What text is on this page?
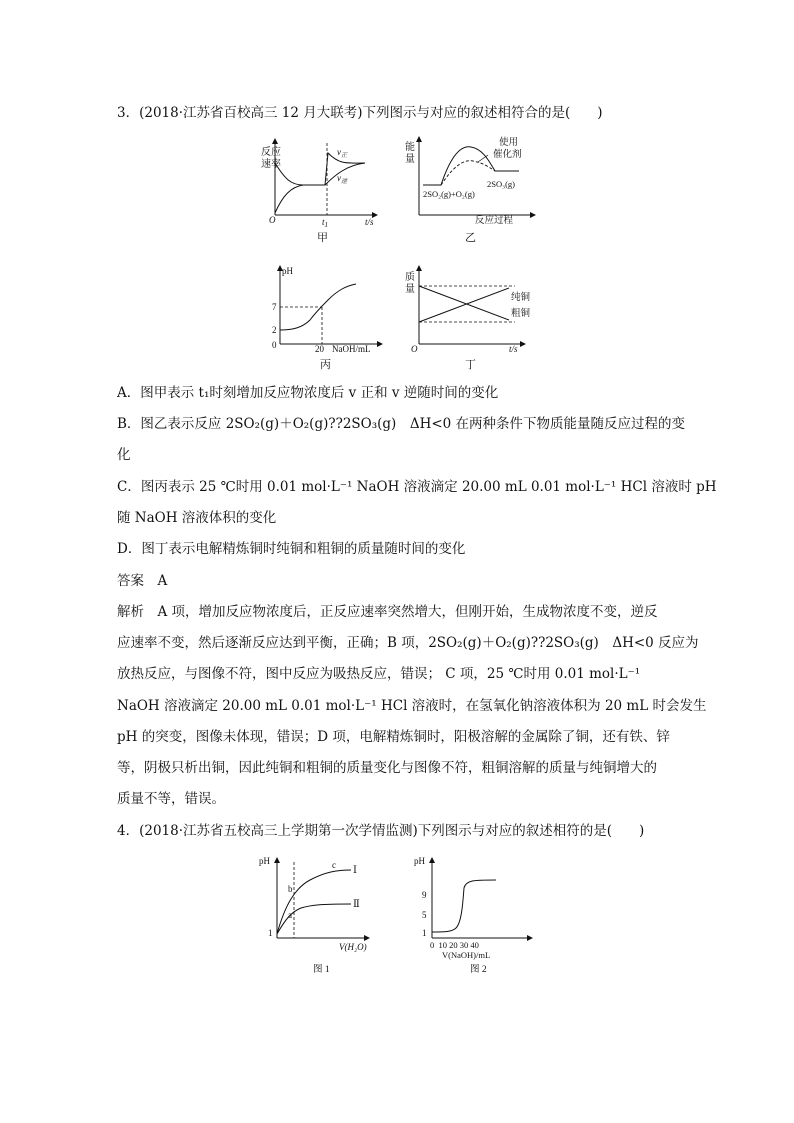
3．(2018·江苏省百校高三 12 月大联考)下列图示与对应的叙述相符合的是(　　)
反应
速率
O	$t_1$	t/s
$v_正$
$v_逆$
甲
能
量
使用
催化剂
2SO₂(g)+O₂(g)
2SO₃(g)
反应过程
乙
pH
7
2
0	20 NaOH/mL
丙
质
量
纯铜
粗铜
O	t/s
丁
A．图甲表示 t₁时刻增加反应物浓度后 v 正和 v 逆随时间的变化
B．图乙表示反应 2SO₂(g)＋O₂(g)??2SO₃(g)　ΔH<0 在两种条件下物质能量随反应过程的变
化
C．图丙表示 25 ℃时用 0.01 mol·L⁻¹ NaOH 溶液滴定 20.00 mL 0.01 mol·L⁻¹ HCl 溶液时 pH
随 NaOH 溶液体积的变化
D．图丁表示电解精炼铜时纯铜和粗铜的质量随时间的变化
答案　A
解析　A 项，增加反应物浓度后，正反应速率突然增大，但刚开始，生成物浓度不变，逆反
应速率不变，然后逐渐反应达到平衡，正确；B 项，2SO₂(g)＋O₂(g)??2SO₃(g)　ΔH<0 反应为
放热反应，与图像不符，图中反应为吸热反应，错误； C 项，25 ℃时用 0.01 mol·L⁻¹
NaOH 溶液滴定 20.00 mL 0.01 mol·L⁻¹ HCl 溶液时，在氢氧化钠溶液体积为 20 mL 时会发生
pH 的突变，图像未体现，错误；D 项，电解精炼铜时，阳极溶解的金属除了铜，还有铁、锌
等，阴极只析出铜，因此纯铜和粗铜的质量变化与图像不符，粗铜溶解的质量与纯铜增大的
质量不等，错误。
4．(2018·江苏省五校高三上学期第一次学情监测)下列图示与对应的叙述相符的是(　　)
pH
1
a
b
c Ⅰ
Ⅱ
V(H₂O)
图 1
pH
9
5
1
0  10 20 30 40
V(NaOH)/mL
图 2
